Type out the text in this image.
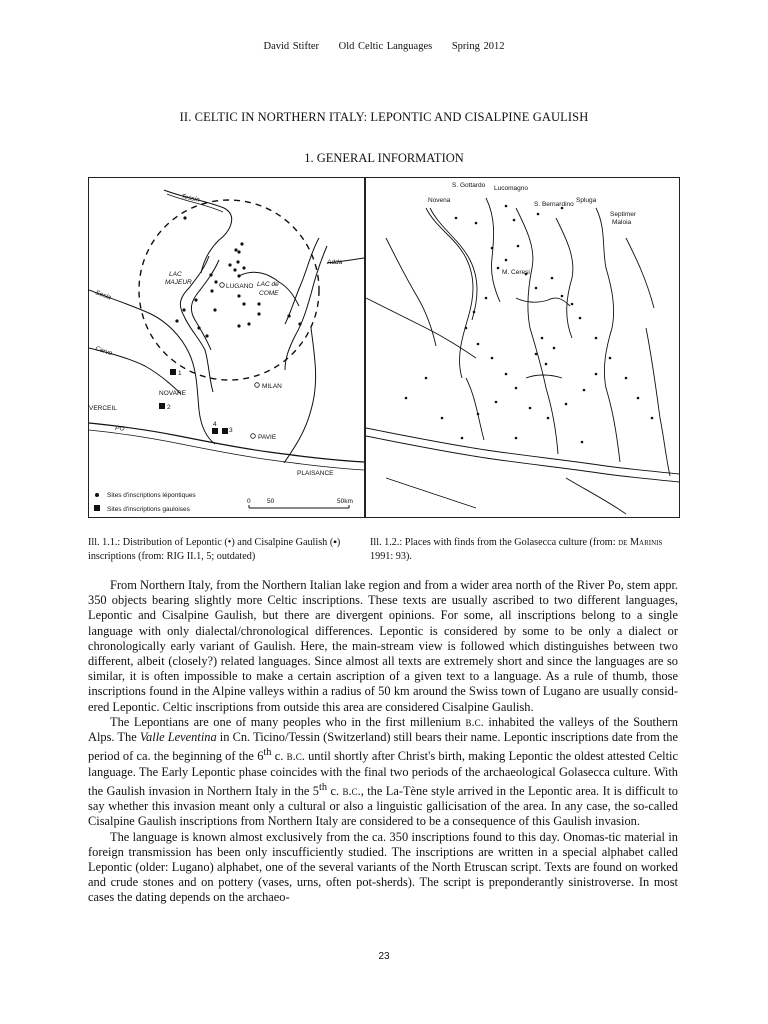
David Stifter Old Celtic Languages Spring 2012
II. CELTIC IN NORTHERN ITALY: LEPONTIC AND CISALPINE GAULISH
1. GENERAL INFORMATION
Tessin
Adda
Sesia
Cervo
PO
LAC
MAJEUR	LAC de
COME
LUGANO
MILAN
NOVARE
VERCEIL
PAVIE
PLAISANCE
1
2
3
4
Sites d'inscriptions lépontiques
Sites d'inscriptions gauloises
0	50	50km
S. Gottardo Lucomagno
Novena
S. Bernardino
Spluga
Septimer
Maloia
M. Ceresi
Ill. 1.1.: Distribution of Lepontic (•) and Cisalpine Gaulish (▪) inscriptions (from: RIG II.1, 5; outdated)
Ill. 1.2.: Places with finds from the Golasecca culture (from: de Marinis 1991: 93).

From Northern Italy, from the Northern Italian lake region and from a wider area north of the River Po, stem appr. 350 objects bearing slightly more Celtic inscriptions. These texts are usually ascribed to two different languages, Lepontic and Cisalpine Gaulish, but there are divergent opinions. For some, all inscriptions belong to a single language with only dialectal/chronological differences. Lepontic is considered by some to be only a dialect or chronologically early variant of Gaulish. Here, the main-stream view is followed which distinguishes between two different, albeit (closely?) related languages. Since almost all texts are extremely short and since the languages are so similar, it is often impossible to make a certain ascription of a given text to a language. As a rule of thumb, those inscriptions found in the Alpine valleys within a radius of 50 km around the Swiss town of Lugano are usually consid-ered Lepontic. Celtic inscriptions from outside this area are considered Cisalpine Gaulish.

The Lepontians are one of many peoples who in the first millenium b.c. inhabited the valleys of the Southern Alps. The Valle Leventina in Cn. Ticino/Tessin (Switzerland) still bears their name. Lepontic inscriptions date from the period of ca. the beginning of the 6th c. b.c. until shortly after Christ's birth, making Lepontic the oldest attested Celtic language. The Early Lepontic phase coincides with the final two periods of the archaeological Golasecca culture. With the Gaulish invasion in Northern Italy in the 5th c. b.c., the La-Tène style arrived in the Lepontic area. It is difficult to say whether this invasion meant only a cultural or also a linguistic gallicisation of the area. In any case, the so-called Cisalpine Gaulish inscriptions from Northern Italy are considered to be a consequence of this Gaulish invasion.

The language is known almost exclusively from the ca. 350 inscriptions found to this day. Onomas-tic material in foreign transmission has been only inscufficiently studied. The inscriptions are written in a special alphabet called Lepontic (older: Lugano) alphabet, one of the several variants of the North Etruscan script. Texts are found on worked and crude stones and on pottery (vases, urns, often pot-sherds). The script is preponderantly sinistroverse. In most cases the dating depends on the archaeo-

23
